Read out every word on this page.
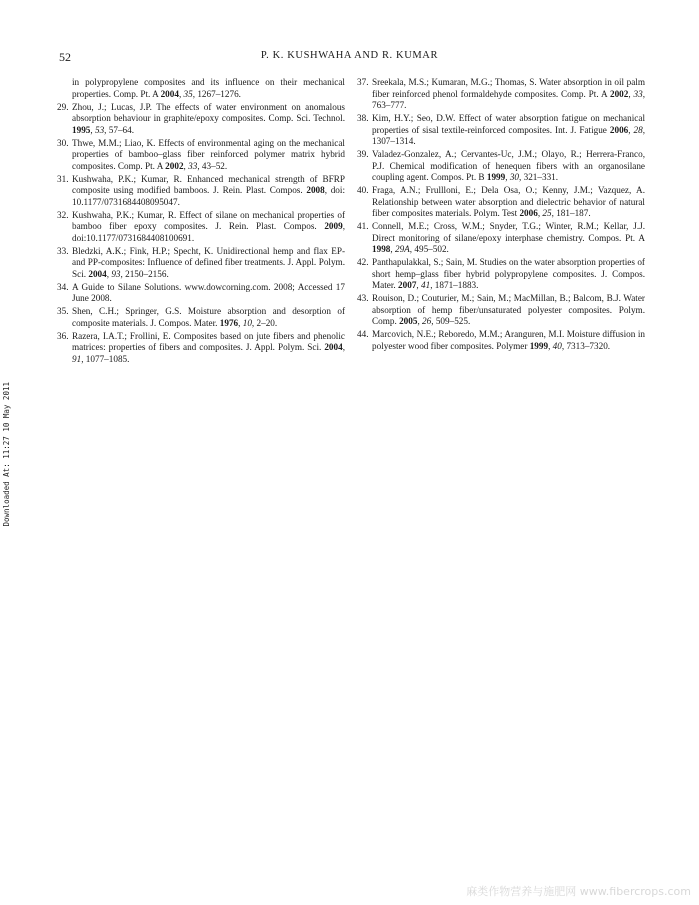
52	P. K. KUSHWAHA AND R. KUMAR
in polypropylene composites and its influence on their mechanical properties. Comp. Pt. A 2004, 35, 1267–1276.
29. Zhou, J.; Lucas, J.P. The effects of water environment on anomalous absorption behaviour in graphite/epoxy composites. Comp. Sci. Technol. 1995, 53, 57–64.
30. Thwe, M.M.; Liao, K. Effects of environmental aging on the mechanical properties of bamboo–glass fiber reinforced polymer matrix hybrid composites. Comp. Pt. A 2002, 33, 43–52.
31. Kushwaha, P.K.; Kumar, R. Enhanced mechanical strength of BFRP composite using modified bamboos. J. Rein. Plast. Compos. 2008, doi: 10.1177/0731684408095047.
32. Kushwaha, P.K.; Kumar, R. Effect of silane on mechanical properties of bamboo fiber epoxy composites. J. Rein. Plast. Compos. 2009, doi:10.1177/0731684408100691.
33. Bledzki, A.K.; Fink, H.P.; Specht, K. Unidirectional hemp and flax EP- and PP-composites: Influence of defined fiber treatments. J. Appl. Polym. Sci. 2004, 93, 2150–2156.
34. A Guide to Silane Solutions. www.dowcorning.com. 2008; Accessed 17 June 2008.
35. Shen, C.H.; Springer, G.S. Moisture absorption and desorption of composite materials. J. Compos. Mater. 1976, 10, 2–20.
36. Razera, I.A.T.; Frollini, E. Composites based on jute fibers and phenolic matrices: properties of fibers and composites. J. Appl. Polym. Sci. 2004, 91, 1077–1085.
37. Sreekala, M.S.; Kumaran, M.G.; Thomas, S. Water absorption in oil palm fiber reinforced phenol formaldehyde composites. Comp. Pt. A 2002, 33, 763–777.
38. Kim, H.Y.; Seo, D.W. Effect of water absorption fatigue on mechanical properties of sisal textile-reinforced composites. Int. J. Fatigue 2006, 28, 1307–1314.
39. Valadez-Gonzalez, A.; Cervantes-Uc, J.M.; Olayo, R.; Herrera-Franco, P.J. Chemical modification of henequen fibers with an organosilane coupling agent. Compos. Pt. B 1999, 30, 321–331.
40. Fraga, A.N.; Frullloni, E.; Dela Osa, O.; Kenny, J.M.; Vazquez, A. Relationship between water absorption and dielectric behavior of natural fiber composites materials. Polym. Test 2006, 25, 181–187.
41. Connell, M.E.; Cross, W.M.; Snyder, T.G.; Winter, R.M.; Kellar, J.J. Direct monitoring of silane/epoxy interphase chemistry. Compos. Pt. A 1998, 29A, 495–502.
42. Panthapulakkal, S.; Sain, M. Studies on the water absorption properties of short hemp–glass fiber hybrid polypropylene composites. J. Compos. Mater. 2007, 41, 1871–1883.
43. Rouison, D.; Couturier, M.; Sain, M.; MacMillan, B.; Balcom, B.J. Water absorption of hemp fiber/unsaturated polyester composites. Polym. Comp. 2005, 26, 509–525.
44. Marcovich, N.E.; Reboredo, M.M.; Aranguren, M.I. Moisture diffusion in polyester wood fiber composites. Polymer 1999, 40, 7313–7320.
Downloaded At: 11:27 10 May 2011
麻类作物营养与施肥网 www.fibercrops.com
